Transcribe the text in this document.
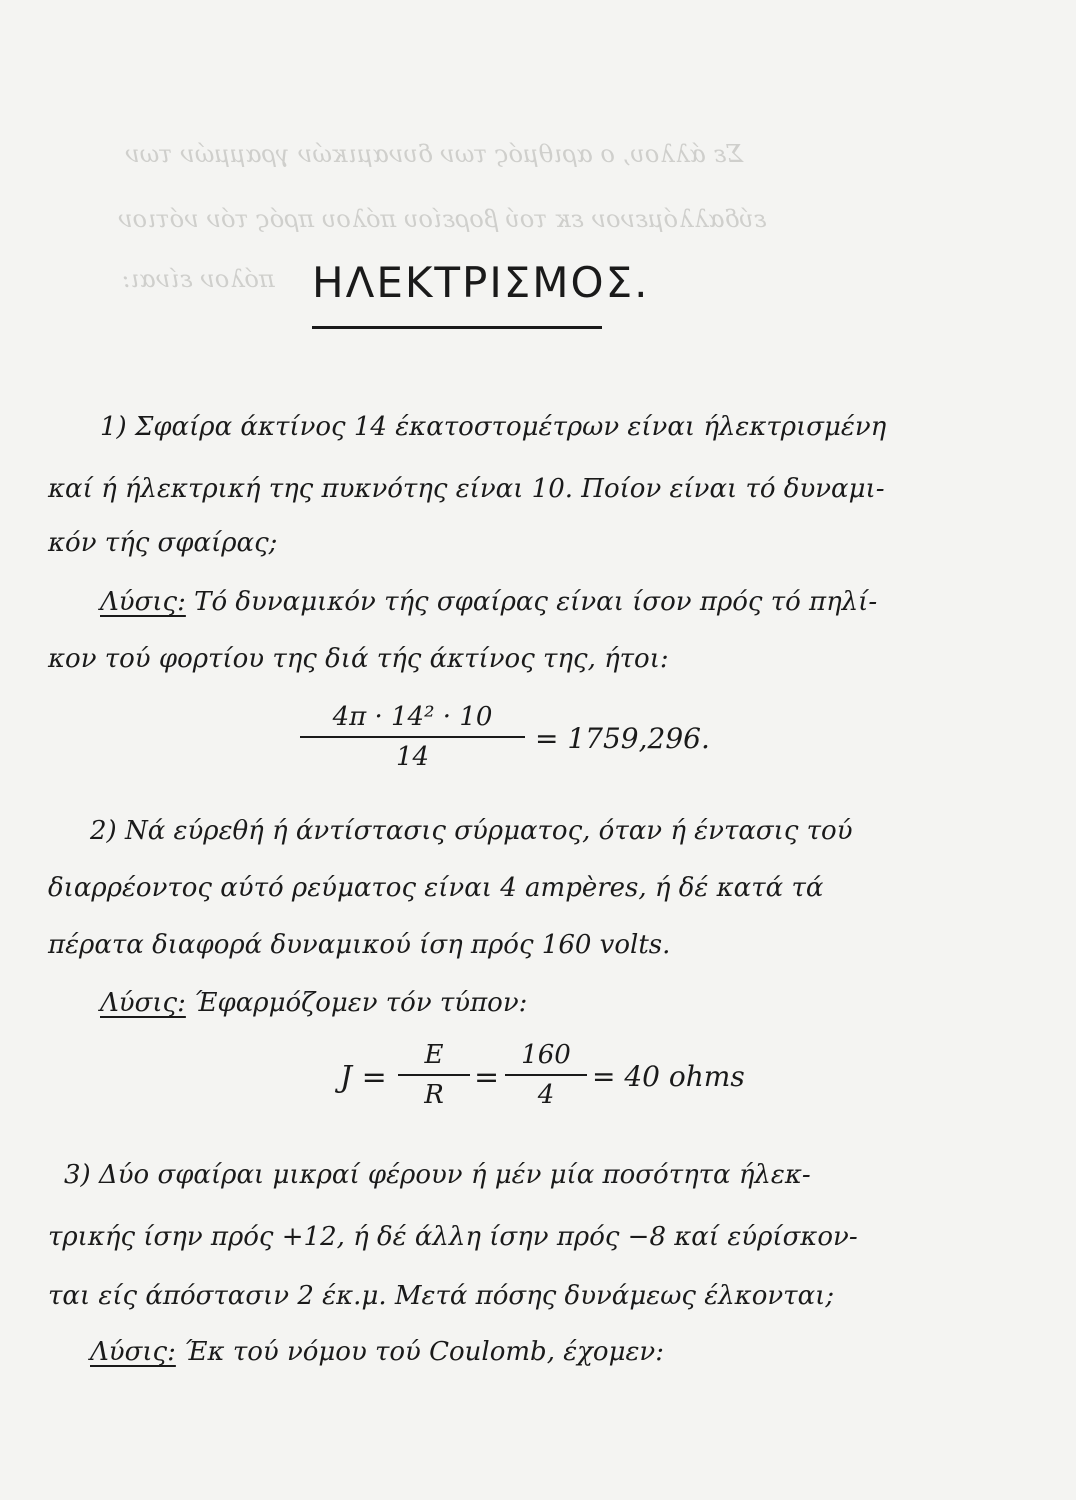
Σε άλλου, ο αριθμός των δυναμικών γραμμών των
εύδαλλόμενον εκ τού βορείου πόλου πρός τόν νότιον
πόλον είναι: ΗΛΕΚΤΡΙΣΜΟΣ.
1) Σφαίρα άκτίνος 14 έκατοστομέτρων είναι ήλεκτρισμένη
καί ή ήλεκτρική της πυκνότης είναι 10. Ποίον είναι τό δυναμι-
κόν τής σφαίρας;
Λύσις: Τό δυναμικόν τής σφαίρας είναι ίσον πρός τό πηλί-
κον τού φορτίου της διά τής άκτίνος της, ήτοι:
4π · 14² · 10
14
= 1759,296.
2) Νά εύρεθή ή άντίστασις σύρματος, όταν ή έντασις τού
διαρρέοντος αύτό ρεύματος είναι 4 ampères, ή δέ κατά τά
πέρατα διαφορά δυναμικού ίση πρός 160 volts.
Λύσις: Έφαρμόζομεν τόν τύπον:
J =
E
R	=
160
4
= 40 ohms
3) Δύο σφαίραι μικραί φέρουν ή μέν μία ποσότητα ήλεκ-
τρικής ίσην πρός +12, ή δέ άλλη ίσην πρός −8 καί εύρίσκον-
ται είς άπόστασιν 2 έκ.μ. Μετά πόσης δυνάμεως έλκονται;
Λύσις: Έκ τού νόμου τού Coulomb, έχομεν:
